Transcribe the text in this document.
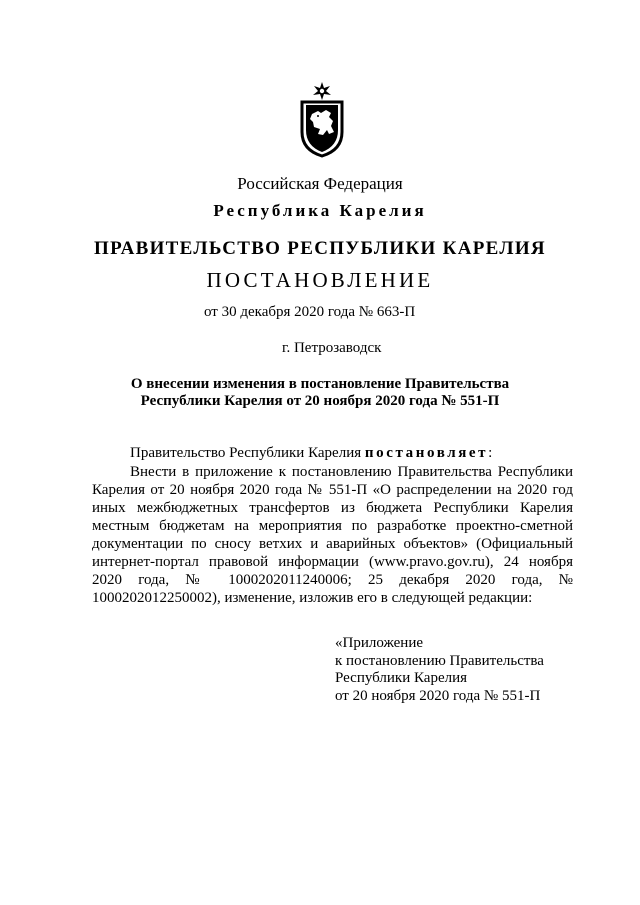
Российская Федерация
Республика Карелия
ПРАВИТЕЛЬСТВО РЕСПУБЛИКИ КАРЕЛИЯ
ПОСТАНОВЛЕНИЕ
от 30 декабря 2020 года № 663-П
г. Петрозаводск
О внесении изменения в постановление Правительства
Республики Карелия от 20 ноября 2020 года № 551-П
Правительство Республики Карелия постановляет:
Внести в приложение к постановлению Правительства Республики Карелия от 20 ноября 2020 года № 551-П «О распределении на 2020 год иных межбюджетных трансфертов из бюджета Республики Карелия местным бюджетам на мероприятия по разработке проектно-сметной документации по сносу ветхих и аварийных объектов» (Официальный интернет-портал правовой информации (www.pravo.gov.ru), 24 ноября 2020 года, № 1000202011240006; 25 декабря 2020 года, № 1000202012250002), изменение, изложив его в следующей редакции:
«Приложение
к постановлению Правительства
Республики Карелия
от 20 ноября 2020 года № 551-П
